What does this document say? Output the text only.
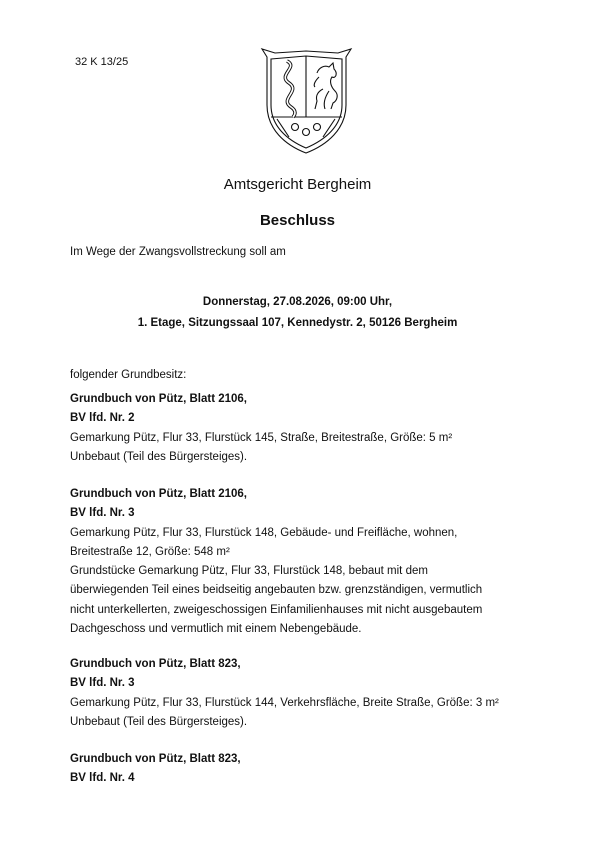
32 K 13/25
Amtsgericht Bergheim
Beschluss
Im Wege der Zwangsvollstreckung soll am
Donnerstag, 27.08.2026, 09:00 Uhr,
1. Etage, Sitzungssaal 107, Kennedystr. 2, 50126 Bergheim
folgender Grundbesitz:
Grundbuch von Pütz, Blatt 2106,
BV lfd. Nr. 2
Gemarkung Pütz, Flur 33, Flurstück 145, Straße, Breitestraße, Größe: 5 m²
Unbebaut (Teil des Bürgersteiges).
Grundbuch von Pütz, Blatt 2106,
BV lfd. Nr. 3
Gemarkung Pütz, Flur 33, Flurstück 148, Gebäude- und Freifläche, wohnen,
Breitestraße 12, Größe: 548 m²
Grundstücke Gemarkung Pütz, Flur 33, Flurstück 148, bebaut mit dem
überwiegenden Teil eines beidseitig angebauten bzw. grenzständigen, vermutlich
nicht unterkellerten, zweigeschossigen Einfamilienhauses mit nicht ausgebautem
Dachgeschoss und vermutlich mit einem Nebengebäude.
Grundbuch von Pütz, Blatt 823,
BV lfd. Nr. 3
Gemarkung Pütz, Flur 33, Flurstück 144, Verkehrsfläche, Breite Straße, Größe: 3 m²
Unbebaut (Teil des Bürgersteiges).
Grundbuch von Pütz, Blatt 823,
BV lfd. Nr. 4
